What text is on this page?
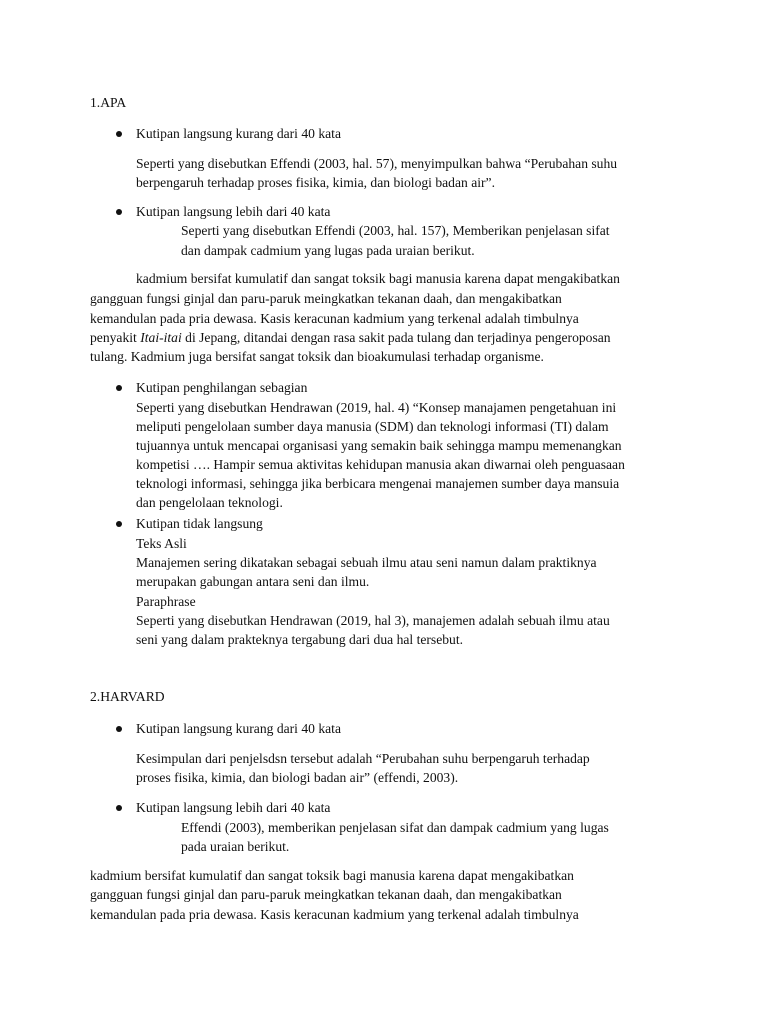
1.APA
Kutipan langsung kurang dari 40 kata
Seperti yang disebutkan Effendi (2003, hal. 57), menyimpulkan bahwa “Perubahan suhu
berpengaruh terhadap proses fisika, kimia, dan biologi badan air”.
Kutipan langsung lebih dari 40 kata
Seperti yang disebutkan Effendi (2003, hal. 157), Memberikan penjelasan sifat
dan dampak cadmium yang lugas pada uraian berikut.
kadmium bersifat kumulatif dan sangat toksik bagi manusia karena dapat mengakibatkan
gangguan fungsi ginjal dan paru-paruk meingkatkan tekanan daah, dan mengakibatkan
kemandulan pada pria dewasa. Kasis keracunan kadmium yang terkenal adalah timbulnya
penyakit Itai-itai di Jepang, ditandai dengan rasa sakit pada tulang dan terjadinya pengeroposan
tulang. Kadmium juga bersifat sangat toksik dan bioakumulasi terhadap organisme.
Kutipan penghilangan sebagian
Seperti yang disebutkan Hendrawan (2019, hal. 4) “Konsep manajamen pengetahuan ini
meliputi pengelolaan sumber daya manusia (SDM) dan teknologi informasi (TI) dalam
tujuannya untuk mencapai organisasi yang semakin baik sehingga mampu memenangkan
kompetisi …. Hampir semua aktivitas kehidupan manusia akan diwarnai oleh penguasaan
teknologi informasi, sehingga jika berbicara mengenai manajemen sumber daya mansuia
dan pengelolaan teknologi.
Kutipan tidak langsung
Teks Asli
Manajemen sering dikatakan sebagai sebuah ilmu atau seni namun dalam praktiknya
merupakan gabungan antara seni dan ilmu.
Paraphrase
Seperti yang disebutkan Hendrawan (2019, hal 3), manajemen adalah sebuah ilmu atau
seni yang dalam prakteknya tergabung dari dua hal tersebut.
2.HARVARD
Kutipan langsung kurang dari 40 kata
Kesimpulan dari penjelsdsn tersebut adalah “Perubahan suhu berpengaruh terhadap
proses fisika, kimia, dan biologi badan air” (effendi, 2003).
Kutipan langsung lebih dari 40 kata
Effendi (2003), memberikan penjelasan sifat dan dampak cadmium yang lugas
pada uraian berikut.
kadmium bersifat kumulatif dan sangat toksik bagi manusia karena dapat mengakibatkan
gangguan fungsi ginjal dan paru-paruk meingkatkan tekanan daah, dan mengakibatkan
kemandulan pada pria dewasa. Kasis keracunan kadmium yang terkenal adalah timbulnya
